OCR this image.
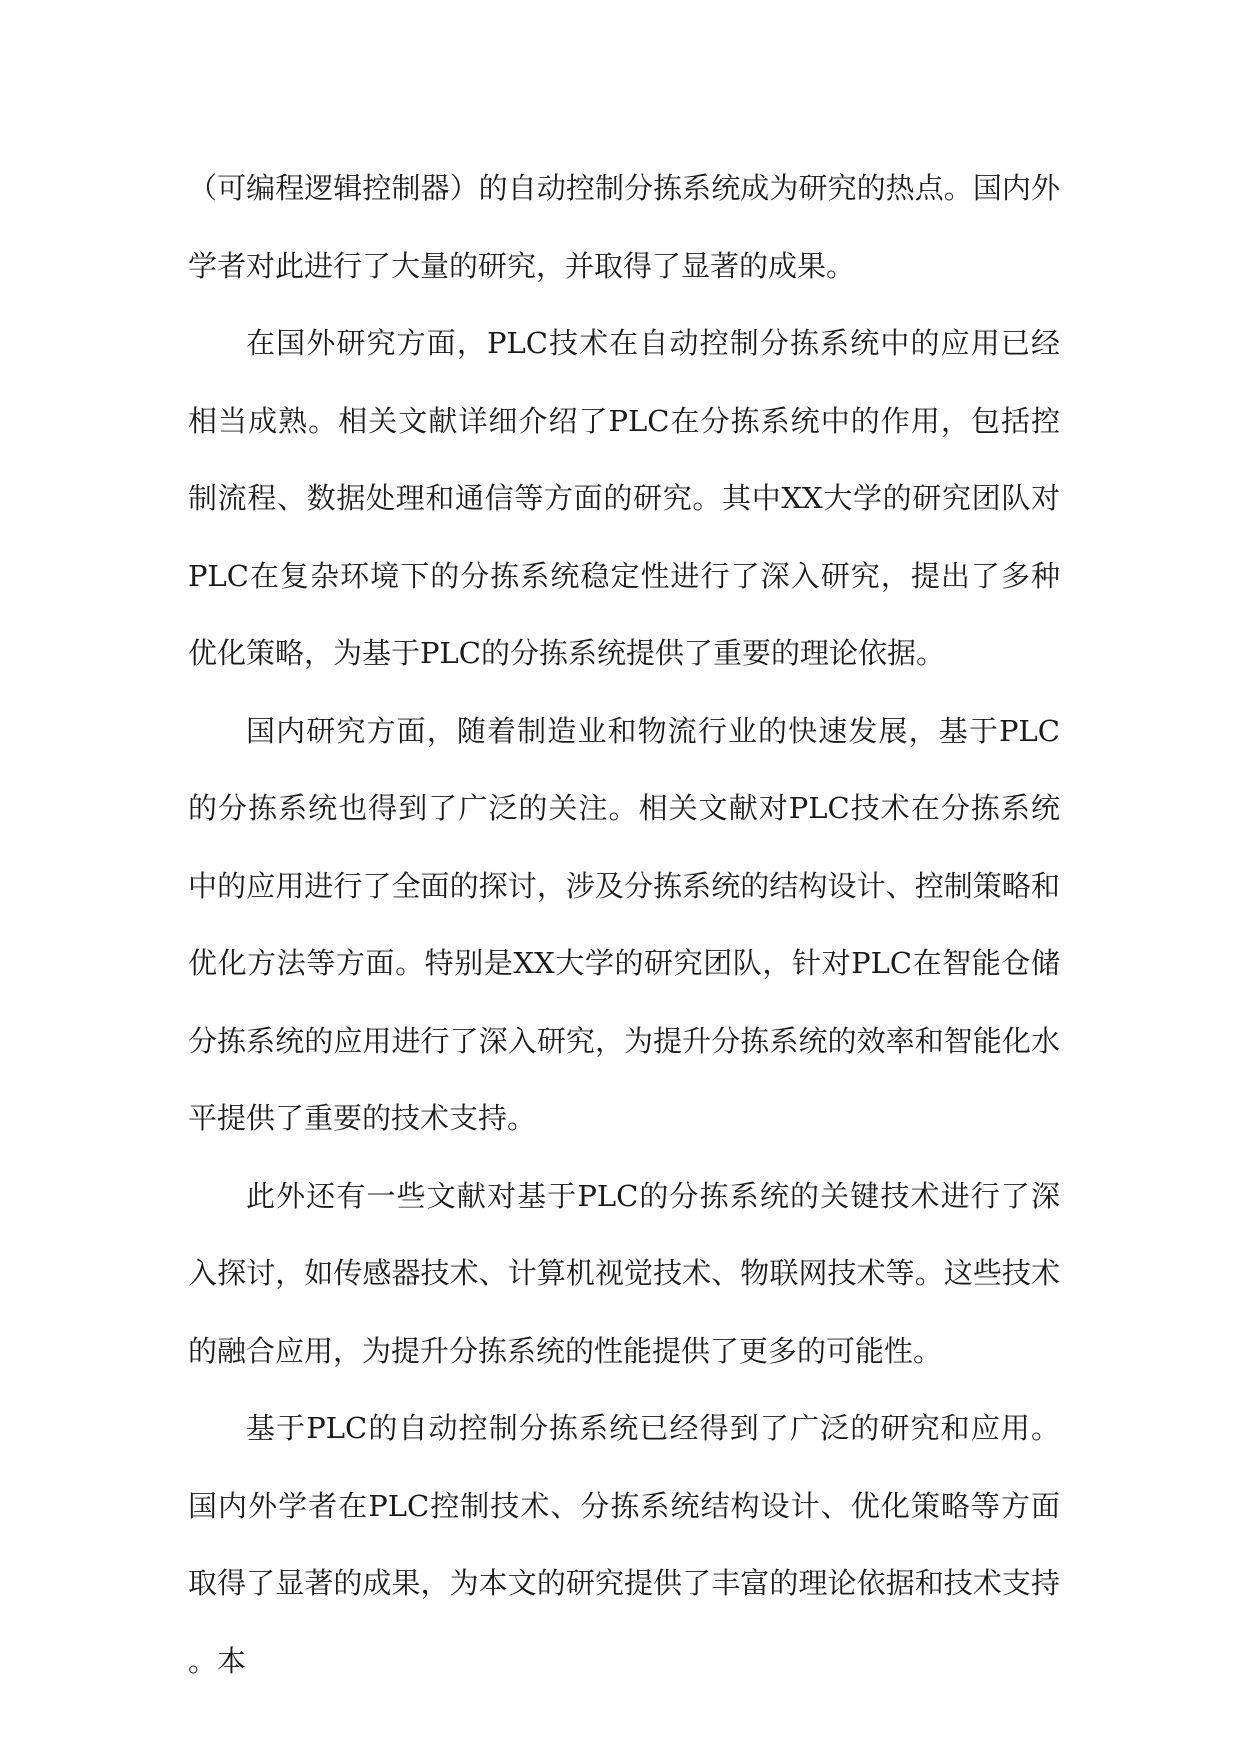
（可编程逻辑控制器）的自动控制分拣系统成为研究的热点。国内外学者对此进行了大量的研究，并取得了显著的成果。

在国外研究方面，PLC技术在自动控制分拣系统中的应用已经相当成熟。相关文献详细介绍了PLC在分拣系统中的作用，包括控制流程、数据处理和通信等方面的研究。其中XX大学的研究团队对PLC在复杂环境下的分拣系统稳定性进行了深入研究，提出了多种优化策略，为基于PLC的分拣系统提供了重要的理论依据。

国内研究方面，随着制造业和物流行业的快速发展，基于PLC的分拣系统也得到了广泛的关注。相关文献对PLC技术在分拣系统中的应用进行了全面的探讨，涉及分拣系统的结构设计、控制策略和优化方法等方面。特别是XX大学的研究团队，针对PLC在智能仓储分拣系统的应用进行了深入研究，为提升分拣系统的效率和智能化水平提供了重要的技术支持。

此外还有一些文献对基于PLC的分拣系统的关键技术进行了深入探讨，如传感器技术、计算机视觉技术、物联网技术等。这些技术的融合应用，为提升分拣系统的性能提供了更多的可能性。

基于PLC的自动控制分拣系统已经得到了广泛的研究和应用。国内外学者在PLC控制技术、分拣系统结构设计、优化策略等方面取得了显著的成果，为本文的研究提供了丰富的理论依据和技术支持。本
